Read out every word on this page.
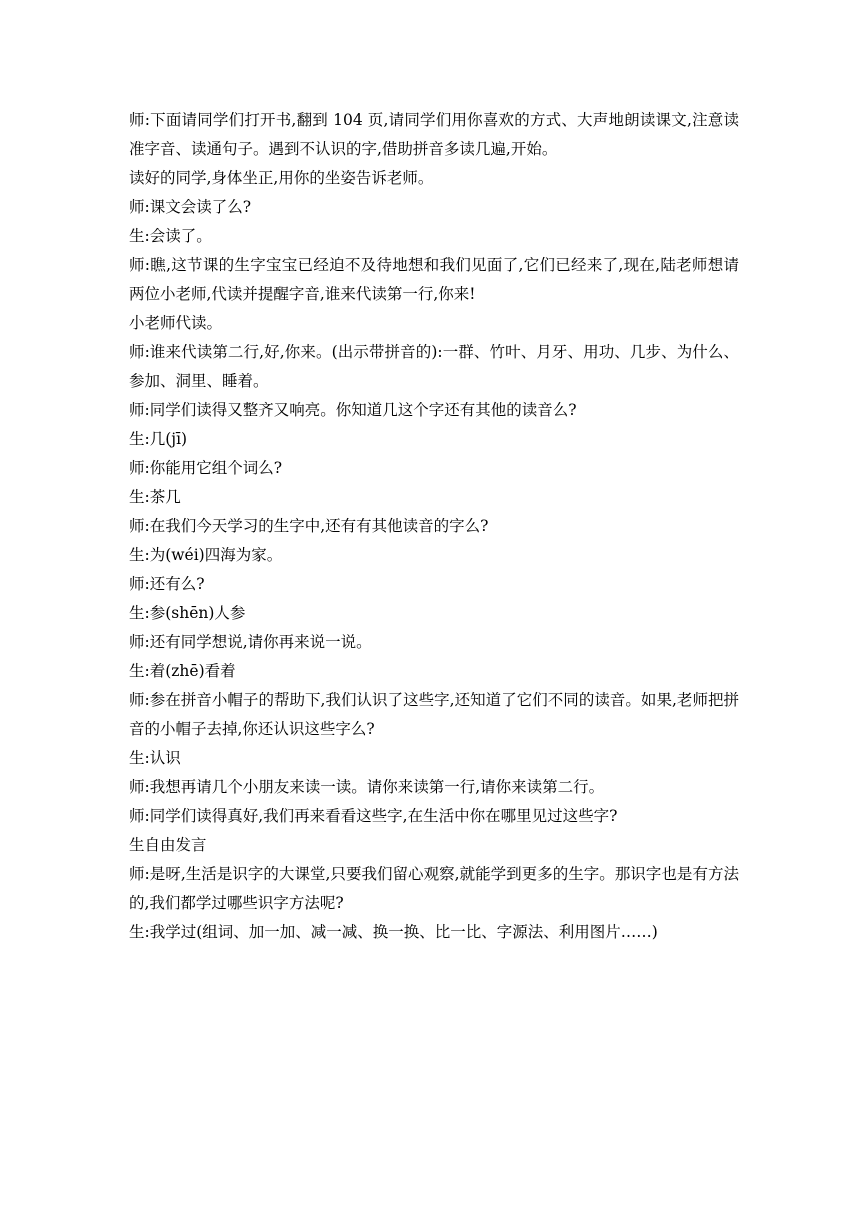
师:下面请同学们打开书,翻到 104 页,请同学们用你喜欢的方式、大声地朗读课文,注意读准字音、读通句子。遇到不认识的字,借助拼音多读几遍,开始。

读好的同学,身体坐正,用你的坐姿告诉老师。

师:课文会读了么?

生:会读了。

师:瞧,这节课的生字宝宝已经迫不及待地想和我们见面了,它们已经来了,现在,陆老师想请两位小老师,代读并提醒字音,谁来代读第一行,你来!

小老师代读。

师:谁来代读第二行,好,你来。(出示带拼音的):一群、竹叶、月牙、用功、几步、为什么、参加、洞里、睡着。

师:同学们读得又整齐又响亮。你知道几这个字还有其他的读音么?

生:几(jī)

师:你能用它组个词么?

生:茶几

师:在我们今天学习的生字中,还有有其他读音的字么?

生:为(wéi)四海为家。

师:还有么?

生:参(shēn)人参

师:还有同学想说,请你再来说一说。

生:着(zhē)看着

师:参在拼音小帽子的帮助下,我们认识了这些字,还知道了它们不同的读音。如果,老师把拼音的小帽子去掉,你还认识这些字么?

生:认识

师:我想再请几个小朋友来读一读。请你来读第一行,请你来读第二行。

师:同学们读得真好,我们再来看看这些字,在生活中你在哪里见过这些字?

生自由发言

师:是呀,生活是识字的大课堂,只要我们留心观察,就能学到更多的生字。那识字也是有方法的,我们都学过哪些识字方法呢?

生:我学过(组词、加一加、减一减、换一换、比一比、字源法、利用图片……)
